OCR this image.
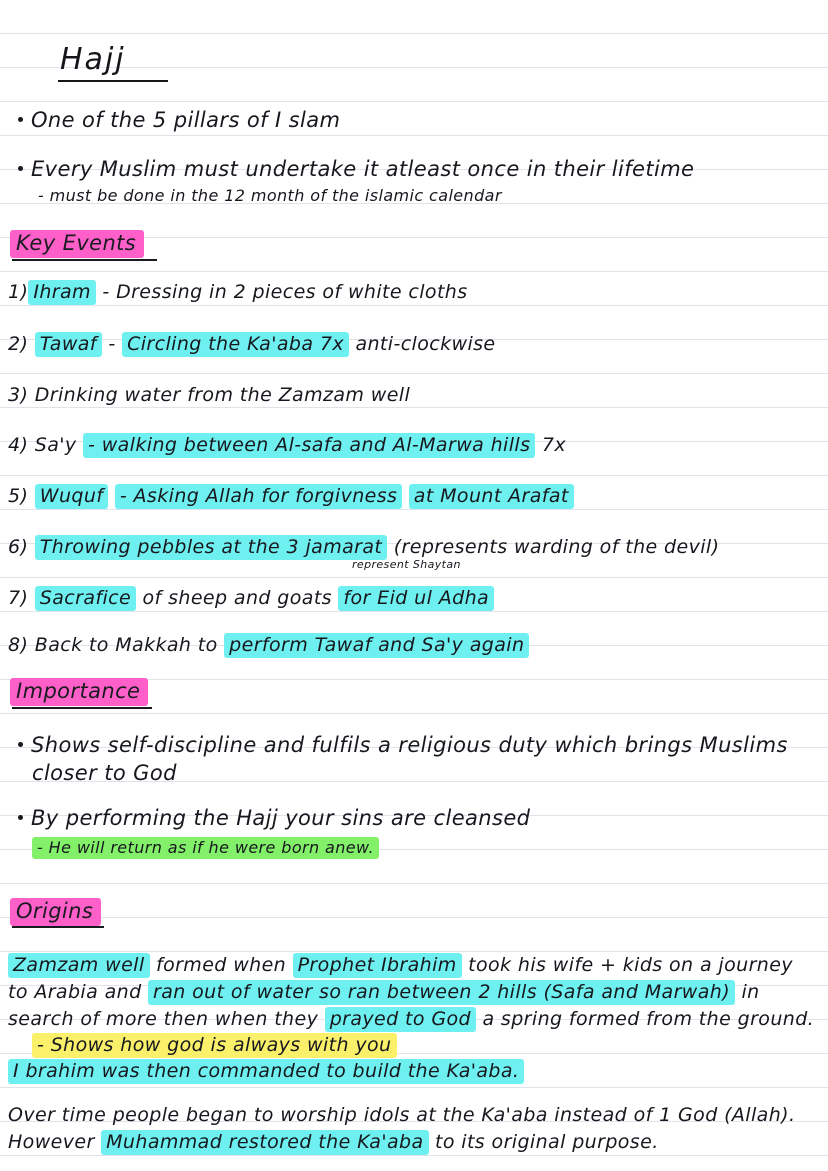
Hajj
One of the 5 pillars of I slam
Every Muslim must undertake it atleast once in their lifetime
- must be done in the 12 month of the islamic calendar
Key Events
1) Ihram - Dressing in 2 pieces of white cloths
2) Tawaf - Circling the Ka'aba 7x anti-clockwise
3) Drinking water from the Zamzam well
4) Sa'y - walking between Al-safa and Al-Marwa hills 7x
5) Wuquf - Asking Allah for forgivness at Mount Arafat
6) Throwing pebbles at the 3 jamarat (represents warding of the devil)
represent Shaytan
7) Sacrafice of sheep and goats for Eid ul Adha
8) Back to Makkah to perform Tawaf and Sa'y again
Importance
Shows self-discipline and fulfils a religious duty which brings Muslims
closer to God
By performing the Hajj your sins are cleansed
- He will return as if he were born anew.
Origins
Zamzam well formed when Prophet Ibrahim took his wife + kids on a journey
to Arabia and ran out of water so ran between 2 hills (Safa and Marwah) in
search of more then when they prayed to God a spring formed from the ground.
- Shows how god is always with you
I brahim was then commanded to build the Ka'aba.
Over time people began to worship idols at the Ka'aba instead of 1 God (Allah).
However Muhammad restored the Ka'aba to its original purpose.
